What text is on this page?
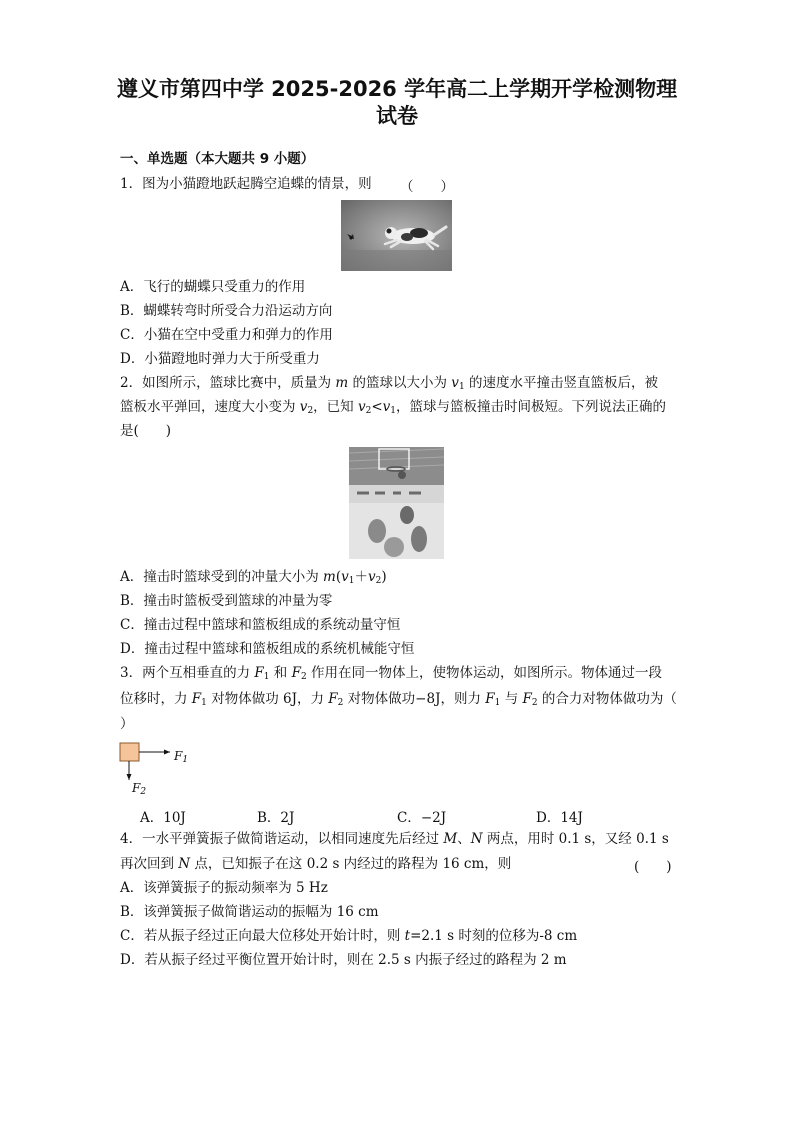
遵义市第四中学 2025-2026 学年高二上学期开学检测物理
试卷
一、单选题（本大题共 9 小题）
1．图为小猫蹬地跃起腾空追蝶的情景，则 （　　）
A．飞行的蝴蝶只受重力的作用
B．蝴蝶转弯时所受合力沿运动方向
C．小猫在空中受重力和弹力的作用
D．小猫蹬地时弹力大于所受重力
2．如图所示，篮球比赛中，质量为 m 的篮球以大小为 $v_1$ 的速度水平撞击竖直篮板后，被
篮板水平弹回，速度大小变为 $v_2$，已知 $v_2<v_1$，篮球与篮板撞击时间极短。下列说法正确的
是(　　)
A．撞击时篮球受到的冲量大小为 $m(v_1+v_2)$
B．撞击时篮板受到篮球的冲量为零
C．撞击过程中篮球和篮板组成的系统动量守恒
D．撞击过程中篮球和篮板组成的系统机械能守恒
3．两个互相垂直的力 $F_1$ 和 $F_2$ 作用在同一物体上，使物体运动，如图所示。物体通过一段
位移时，力 $F_1$ 对物体做功 6J，力 $F_2$ 对物体做功−8J，则力 $F_1$ 与 $F_2$ 的合力对物体做功为（
）
$F_1$
$F_2$
A．10J	B．2J	C．−2J	D．14J
4．一水平弹簧振子做简谐运动，以相同速度先后经过 M、N 两点，用时 0.1 s，又经 0.1 s
再次回到 N 点，已知振子在这 0.2 s 内经过的路程为 16 cm，则	(　　)
A．该弹簧振子的振动频率为 5 Hz
B．该弹簧振子做简谐运动的振幅为 16 cm
C．若从振子经过正向最大位移处开始计时，则 t=2.1 s 时刻的位移为-8 cm
D．若从振子经过平衡位置开始计时，则在 2.5 s 内振子经过的路程为 2 m
